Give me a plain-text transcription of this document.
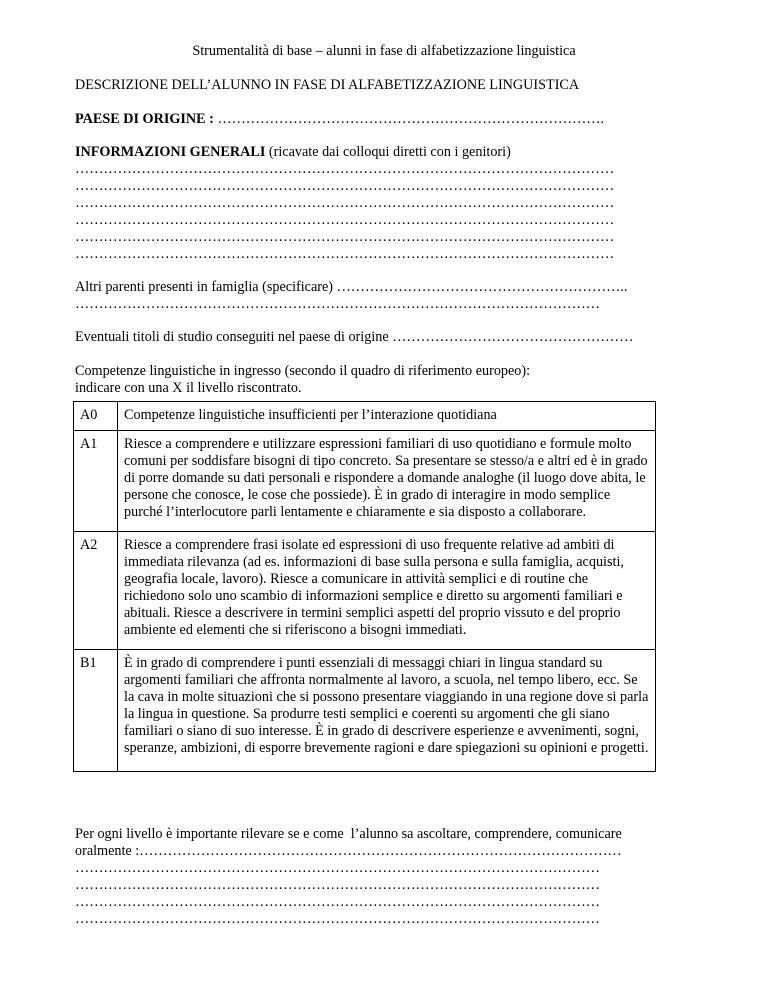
Strumentalità di base – alunni in fase di alfabetizzazione linguistica
DESCRIZIONE DELL’ALUNNO IN FASE DI ALFABETIZZAZIONE LINGUISTICA
PAESE DI ORIGINE : ……………………………………………………………………….
INFORMAZIONI GENERALI (ricavate dai colloqui diretti con i genitori)
……………………………………………………………………………………………………
……………………………………………………………………………………………………
……………………………………………………………………………………………………
……………………………………………………………………………………………………
……………………………………………………………………………………………………
……………………………………………………………………………………………………
Altri parenti presenti in famiglia (specificare) ……………………………………………………..
…………………………………………………………………………………………………
Eventuali titoli di studio conseguiti nel paese di origine ……………………………………………
Competenze linguistiche in ingresso (secondo il quadro di riferimento europeo):
indicare con una X il livello riscontrato.
A0	Competenze linguistiche insufficienti per l’interazione quotidiana
A1	Riesce a comprendere e utilizzare espressioni familiari di uso quotidiano e formule molto comuni per soddisfare bisogni di tipo concreto. Sa presentare se stesso/a e altri ed è in grado di porre domande su dati personali e rispondere a domande analoghe (il luogo dove abita, le persone che conosce, le cose che possiede). È in grado di interagire in modo semplice purché l’interlocutore parli lentamente e chiaramente e sia disposto a collaborare.
A2	Riesce a comprendere frasi isolate ed espressioni di uso frequente relative ad ambiti di immediata rilevanza (ad es. informazioni di base sulla persona e sulla famiglia, acquisti, geografia locale, lavoro). Riesce a comunicare in attività semplici e di routine che richiedono solo uno scambio di informazioni semplice e diretto su argomenti familiari e abituali. Riesce a descrivere in termini semplici aspetti del proprio vissuto e del proprio ambiente ed elementi che si riferiscono a bisogni immediati.
B1	È in grado di comprendere i punti essenziali di messaggi chiari in lingua standard su argomenti familiari che affronta normalmente al lavoro, a scuola, nel tempo libero, ecc. Se la cava in molte situazioni che si possono presentare viaggiando in una regione dove si parla la lingua in questione. Sa produrre testi semplici e coerenti su argomenti che gli siano familiari o siano di suo interesse. È in grado di descrivere esperienze e avvenimenti, sogni, speranze, ambizioni, di esporre brevemente ragioni e dare spiegazioni su opinioni e progetti.
Per ogni livello è importante rilevare se e come  l’alunno sa ascoltare, comprendere, comunicare
oralmente :…………………………………………………………………………………………
…………………………………………………………………………………………………
…………………………………………………………………………………………………
…………………………………………………………………………………………………
…………………………………………………………………………………………………
